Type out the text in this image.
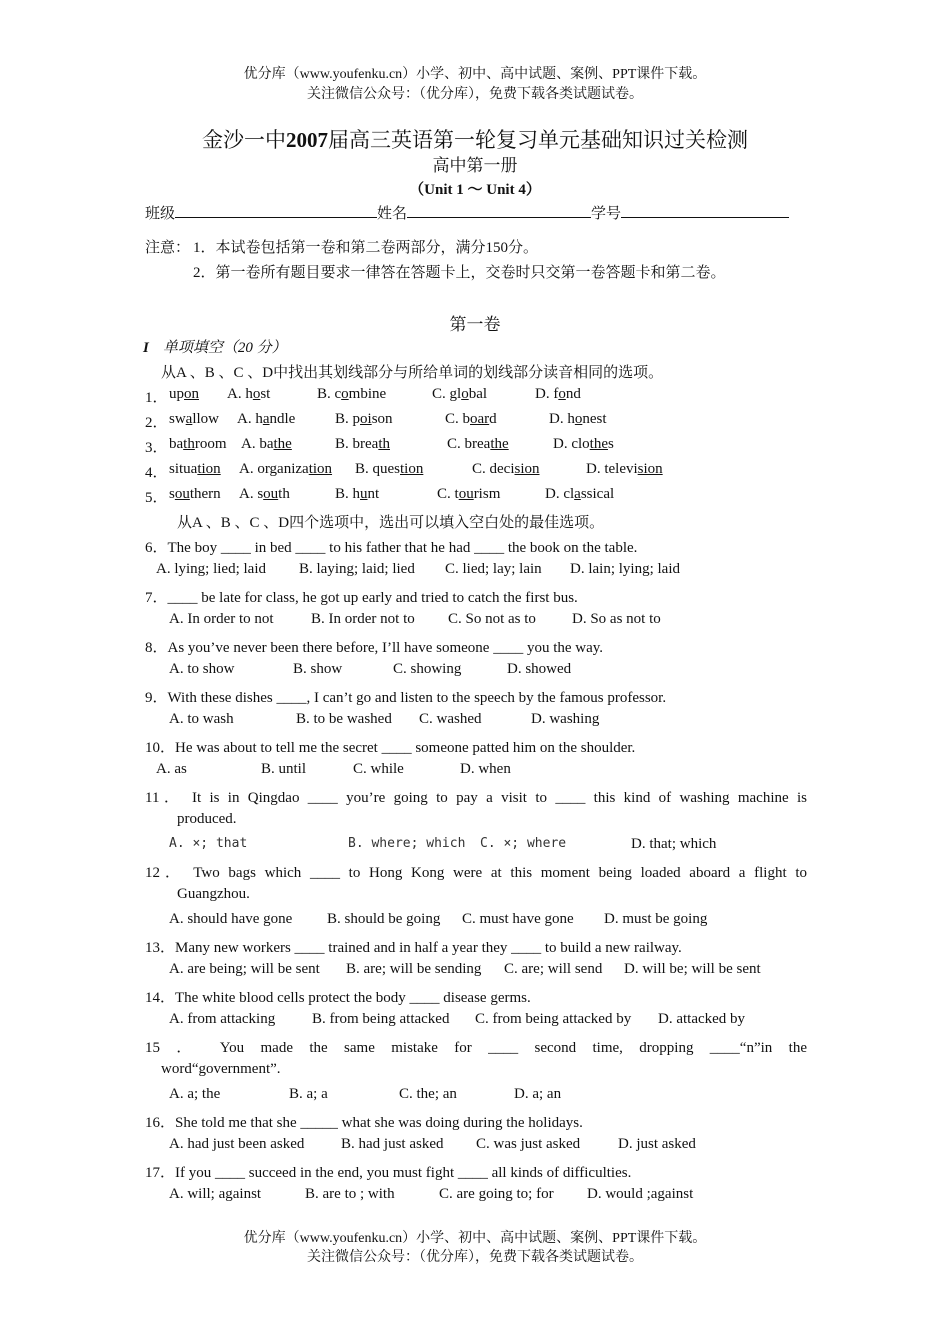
优分库（www.youfenku.cn）小学、初中、高中试题、案例、PPT课件下载。
关注微信公众号：（优分库），免费下载各类试题试卷。
金沙一中2007届高三英语第一轮复习单元基础知识过关检测
高中第一册
（Unit 1 ～ Unit 4）
班级	姓名	学号
注意： 1．本试卷包括第一卷和第二卷两部分，满分150分。
2．第一卷所有题目要求一律答在答题卡上，交卷时只交第一卷答题卡和第二卷。
第一卷
I 单项填空（20 分）
从A 、B 、C 、D中找出其划线部分与所给单词的划线部分读音相同的选项。
1． upon A. host	B. combine	C. global	D. fond
2． swallow A. handle	B. poison	C. board	D. honest
3． bathroom A. bathe	B. breath	C. breathe	D. clothes
4． situation A. organization B. question	C. decision	D. television
5． southern A. south	B. hunt	C. tourism	D. classical
从A 、B 、C 、D四个选项中，选出可以填入空白处的最佳选项。
6．The boy ____ in bed ____ to his father that he had ____ the book on the table.
A. lying; lied; laid B. laying; laid; lied C. lied; lay; lain D. lain; lying; laid
7．____ be late for class, he got up early and tried to catch the first bus.
A. In order to not B. In order not to C. So not as to D. So as not to
8．As you’ve never been there before, I’ll have someone ____ you the way.
A. to show	B. show	C. showing	D. showed
9．With these dishes ____, I can’t go and listen to the speech by the famous professor.
A. to wash	B. to be washed C. washed	D. washing
10．He was about to tell me the secret ____ someone patted him on the shoulder.
A. as	B. until	C. while	D. when
11． It is in Qingdao ____ you’re going to pay a visit to ____ this kind of washing machine is
produced.
A. ×; that	B. where; which C. ×; where	D. that; which
12． Two bags which ____ to Hong Kong were at this moment being loaded aboard a flight to
Guangzhou.
A. should have gone B. should be going C. must have gone D. must be going
13．Many new workers ____ trained and in half a year they ____ to build a new railway.
A. are being; will be sent B. are; will be sending C. are; will send D. will be; will be sent
14．The white blood cells protect the body ____ disease germs.
A. from attacking B. from being attacked C. from being attacked by D. attacked by
15 ． You made the same mistake for ____ second time, dropping ____“n”in the
word“government”.
A. a; the	B. a; a	C. the; an	D. a; an
16．She told me that she _____ what she was doing during the holidays.
A. had just been asked B. had just asked C. was just asked	D. just asked
17．If you ____ succeed in the end, you must fight ____ all kinds of difficulties.
A. will; against	B. are to ; with	C. are going to; for D. would ;against
优分库（www.youfenku.cn）小学、初中、高中试题、案例、PPT课件下载。
关注微信公众号：（优分库），免费下载各类试题试卷。
